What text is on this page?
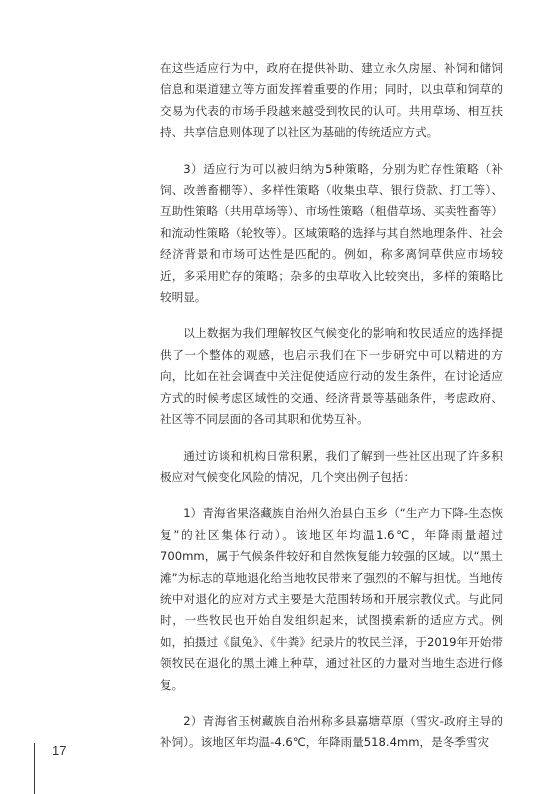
在这些适应行为中，政府在提供补助、建立永久房屋、补饲和储饲信息和渠道建立等方面发挥着重要的作用；同时，以虫草和饲草的交易为代表的市场手段越来越受到牧民的认可。共用草场、相互扶持、共享信息则体现了以社区为基础的传统适应方式。

3）适应行为可以被归纳为5种策略，分别为贮存性策略（补饲、改善畜棚等）、多样性策略（收集虫草、银行贷款、打工等）、互助性策略（共用草场等）、市场性策略（租借草场、买卖牲畜等）和流动性策略（轮牧等）。区域策略的选择与其自然地理条件、社会经济背景和市场可达性是匹配的。例如，称多离饲草供应市场较近，多采用贮存的策略；杂多的虫草收入比较突出，多样的策略比较明显。

以上数据为我们理解牧区气候变化的影响和牧民适应的选择提供了一个整体的观感，也启示我们在下一步研究中可以精进的方向，比如在社会调查中关注促使适应行动的发生条件，在讨论适应方式的时候考虑区域性的交通、经济背景等基础条件，考虑政府、社区等不同层面的各司其职和优势互补。

通过访谈和机构日常积累，我们了解到一些社区出现了许多积极应对气候变化风险的情况，几个突出例子包括：

1）青海省果洛藏族自治州久治县白玉乡（“生产力下降-生态恢复”的社区集体行动）。该地区年均温1.6℃，年降雨量超过700mm，属于气候条件较好和自然恢复能力较强的区域。以“黑土滩”为标志的草地退化给当地牧民带来了强烈的不解与担忧。当地传统中对退化的应对方式主要是大范围转场和开展宗教仪式。与此同时，一些牧民也开始自发组织起来，试图摸索新的适应方式。例如，拍摄过《鼠兔》、《牛粪》纪录片的牧民兰泽，于2019年开始带领牧民在退化的黑土滩上种草，通过社区的力量对当地生态进行修复。

2）青海省玉树藏族自治州称多县嘉塘草原（雪灾-政府主导的补饲）。该地区年均温-4.6℃，年降雨量518.4mm，是冬季雪灾

17
